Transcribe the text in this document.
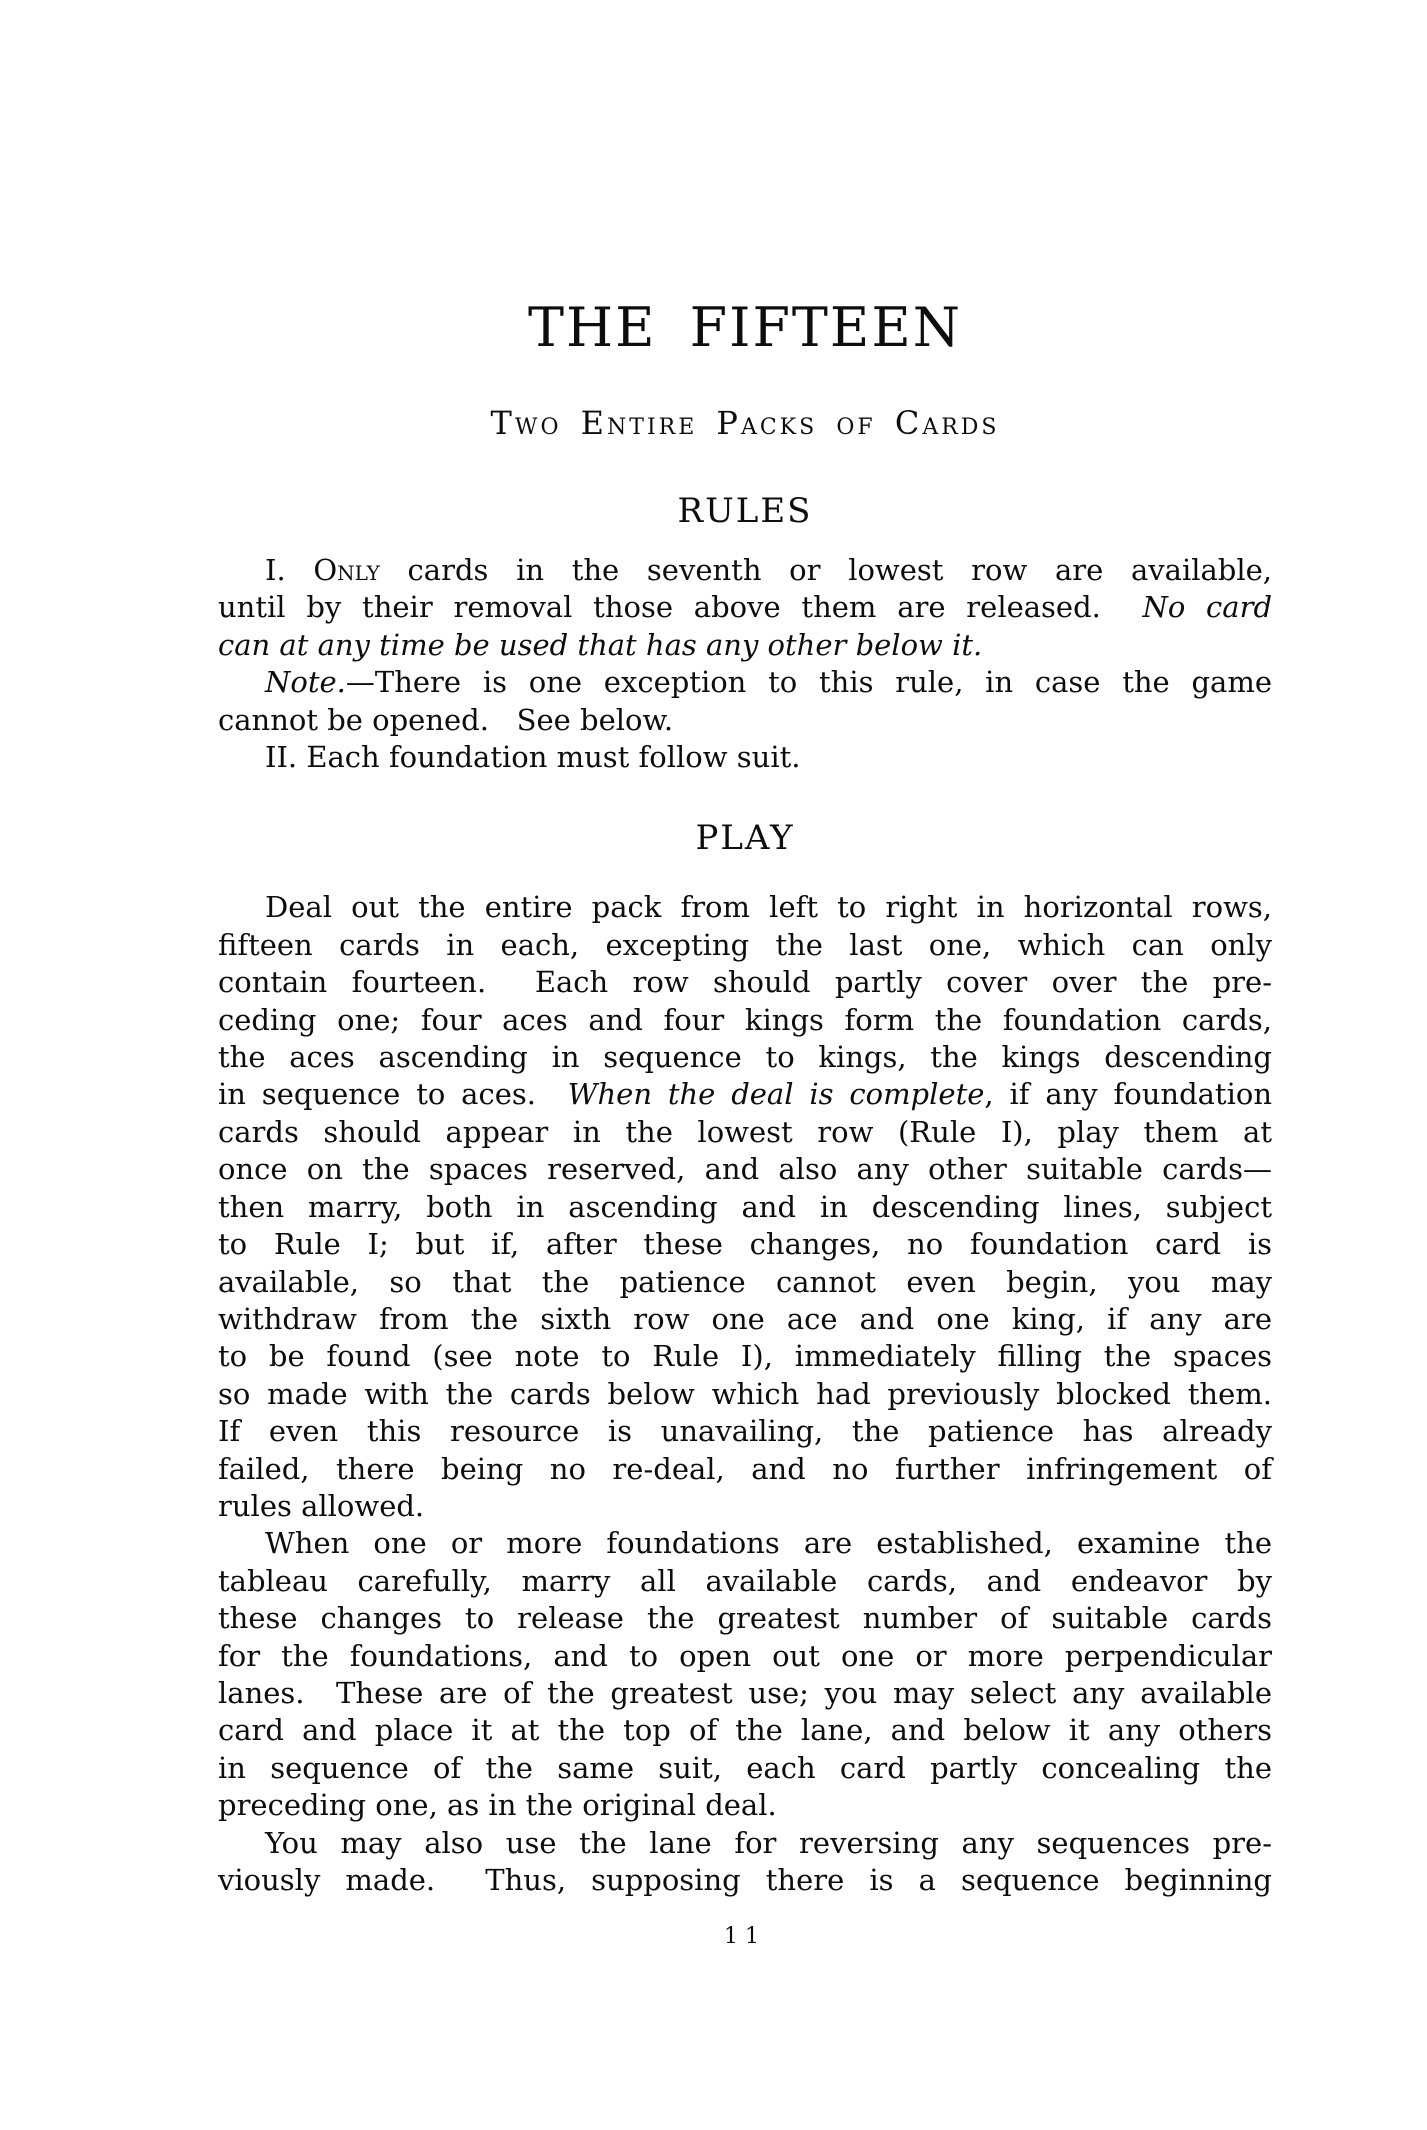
THE FIFTEEN
Two Entire Packs of Cards
RULES
I. Only cards in the seventh or lowest row are available,
until by their removal those above them are released.  No card
can at any time be used that has any other below it.
Note.—There is one exception to this rule, in case the game
cannot be opened.   See below.
II. Each foundation must follow suit.
PLAY
Deal out the entire pack from left to right in horizontal rows,
fifteen cards in each, excepting the last one, which can only
contain fourteen.  Each row should partly cover over the pre-
ceding one; four aces and four kings form the foundation cards,
the aces ascending in sequence to kings, the kings descending
in sequence to aces.  When the deal is complete, if any foundation
cards should appear in the lowest row (Rule I), play them at
once on the spaces reserved, and also any other suitable cards—
then marry, both in ascending and in descending lines, subject
to Rule I; but if, after these changes, no foundation card is
available, so that the patience cannot even begin, you may
withdraw from the sixth row one ace and one king, if any are
to be found (see note to Rule I), immediately filling the spaces
so made with the cards below which had previously blocked them.
If even this resource is unavailing, the patience has already
failed, there being no re-deal, and no further infringement of
rules allowed.
When one or more foundations are established, examine the
tableau carefully, marry all available cards, and endeavor by
these changes to release the greatest number of suitable cards
for the foundations, and to open out one or more perpendicular
lanes.  These are of the greatest use; you may select any available
card and place it at the top of the lane, and below it any others
in sequence of the same suit, each card partly concealing the
preceding one, as in the original deal.
You may also use the lane for reversing any sequences pre-
viously made.  Thus, supposing there is a sequence beginning
11
